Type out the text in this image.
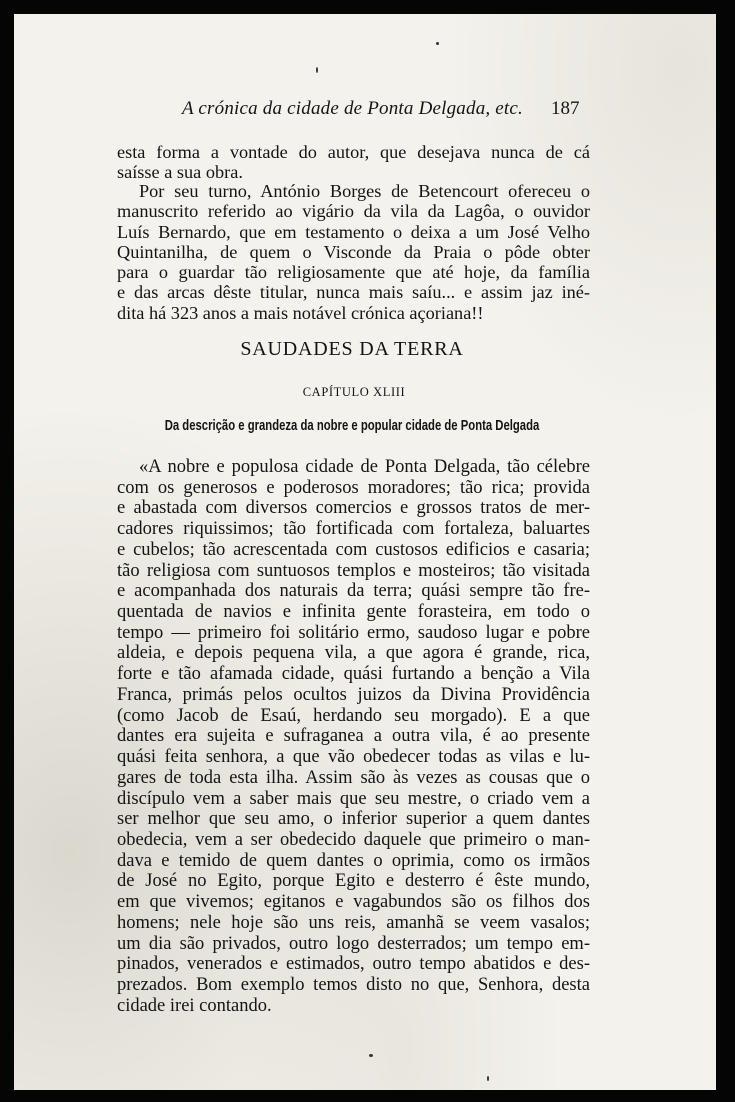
A crónica da cidade de Ponta Delgada, etc. 187
esta forma a vontade do autor, que desejava nunca de cá
saísse a sua obra.
Por seu turno, António Borges de Betencourt ofereceu o
manuscrito referido ao vigário da vila da Lagôa, o ouvidor
Luís Bernardo, que em testamento o deixa a um José Velho
Quintanilha, de quem o Visconde da Praia o pôde obter
para o guardar tão religiosamente que até hoje, da família
e das arcas dêste titular, nunca mais saíu... e assim jaz iné-
dita há 323 anos a mais notável crónica açoriana!!
SAUDADES DA TERRA
CAPÍTULO XLIII
Da descrição e grandeza da nobre e popular cidade de Ponta Delgada
«A nobre e populosa cidade de Ponta Delgada, tão célebre
com os generosos e poderosos moradores; tão rica; provida
e abastada com diversos comercios e grossos tratos de mer-
cadores riquissimos; tão fortificada com fortaleza, baluartes
e cubelos; tão acrescentada com custosos edificios e casaria;
tão religiosa com suntuosos templos e mosteiros; tão visitada
e acompanhada dos naturais da terra; quási sempre tão fre-
quentada de navios e infinita gente forasteira, em todo o
tempo — primeiro foi solitário ermo, saudoso lugar e pobre
aldeia, e depois pequena vila, a que agora é grande, rica,
forte e tão afamada cidade, quási furtando a benção a Vila
Franca, primás pelos ocultos juizos da Divina Providência
(como Jacob de Esaú, herdando seu morgado). E a que
dantes era sujeita e sufraganea a outra vila, é ao presente
quási feita senhora, a que vão obedecer todas as vilas e lu-
gares de toda esta ilha. Assim são às vezes as cousas que o
discípulo vem a saber mais que seu mestre, o criado vem a
ser melhor que seu amo, o inferior superior a quem dantes
obedecia, vem a ser obedecido daquele que primeiro o man-
dava e temido de quem dantes o oprimia, como os irmãos
de José no Egito, porque Egito e desterro é êste mundo,
em que vivemos; egitanos e vagabundos são os filhos dos
homens; nele hoje são uns reis, amanhã se veem vasalos;
um dia são privados, outro logo desterrados; um tempo em-
pinados, venerados e estimados, outro tempo abatidos e des-
prezados. Bom exemplo temos disto no que, Senhora, desta
cidade irei contando.
